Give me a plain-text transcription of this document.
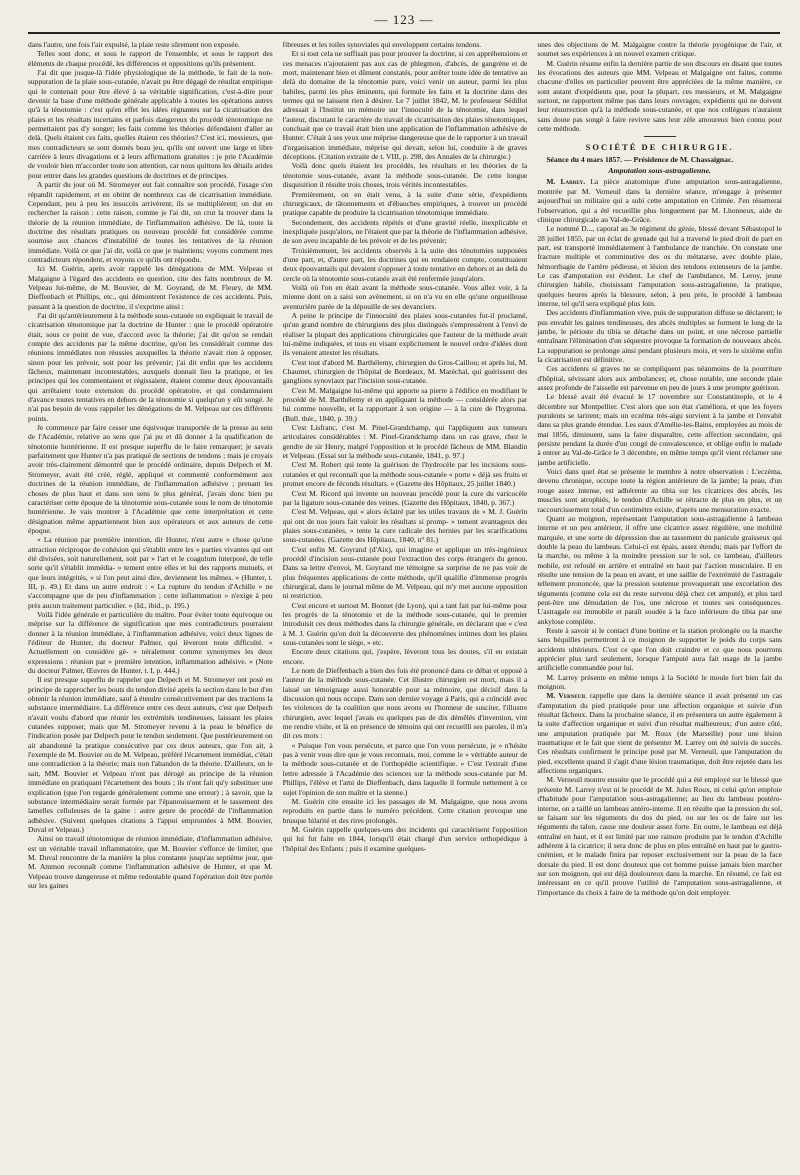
— 123 —

dans l'autre, une fois l'air expulsé, la plaie reste sûrement non exposée.

Telles sont donc, et sous le rapport de l'ensemble, et sous le rapport des éléments de chaque procédé, les différences et oppositions qu'ils présentent.

J'ai dit que jusque-là l'idée physiologique de la méthode, le fait de la non-suppuration de la plaie sous-cutanée, n'avait pu être dégagé de résultat empirique qui le contenait pour être élevé à sa véritable signification, c'est-à-dire pour devenir la base d'une méthode générale applicable à toutes les opérations autres qu'à la ténotomie : c'est qu'en effet les idées régnantes sur la cicatrisation des plaies et les résultats incertains et parfois dangereux du procédé ténotomique ne permettaient pas d'y songer; les faits comme les théories défendaient d'aller au delà. Quels étaient ces faits, quelles étaient ces théories? C'est ici, messieurs, que mes contradicteurs se sont donnés beau jeu, qu'ils ont ouvert une large et libre carrière à leurs divagations et à leurs affirmations gratuites : je prie l'Académie de vouloir bien m'accorder toute son attention, car nous quittons les détails arides pour entrer dans les grandes questions de doctrines et de principes.

A partir du jour où M. Stromeyer eut fait connaître son procédé, l'usage s'en répandit rapidement, et en obtint de nombreux cas de cicatrisation immédiate. Cependant, peu à peu les insuccès arrivèrent; ils se multiplièrent; on dut en rechercher la raison : cette raison, comme je l'ai dit, on crut la trouver dans la théorie de la réunion immédiate, de l'inflammation adhésive. De là, toute la doctrine des résultats pratiques ou nouveau procédé fut considérée comme soumise aux chances d'instabilité de toutes les tentatives de la réunion immédiate. Voilà ce que j'ai dit, voilà ce que je maintiens; voyons comment mes contradicteurs répondent, et voyons ce qu'ils ont répondu.

Ici M. Guérin, après avoir rappelé les dénégations de MM. Velpeau et Malgaigne à l'égard des accidents en question, cite des faits nombreux de M. Velpeau lui-même, de M. Bouvier, de M. Goyrand, de M. Fleury, de MM. Dieffenbach et Phillips, etc., qui démontrent l'existence de ces accidents. Puis, passant à la question de doctrine, il s'exprime ainsi :

J'ai dit qu'antérieurement à la méthode sous-cutanée on expliquait le travail de cicatrisation ténotomique par la doctrine de Hunter : que le procédé opératoire était, sous ce point de vue, d'accord avec la théorie; j'ai dit qu'on se rendait compte des accidents par la même doctrine, qu'on les considérait comme des réunions immédiates non réussies auxquelles la théorie n'avait rien à opposer, sinon pour les prévoir, soit pour les prévenir; j'ai dit enfin que les accidents fâcheux, maintenant incontestables, auxquels donnait lieu la pratique, et les principes qui les commentaient et régissaient, étaient comme deux épouvantails qui arrêtaient toute extension du procédé opératoire, et qui condamnaient d'avance toutes tentatives en dehors de la ténotomie si quelqu'un y eût songé. Je n'ai pas besoin de vous rappeler les dénégations de M. Velpeau sur ces différents points.

Je commence par faire cesser une équivoque transportée de la presse au sein de l'Académie, relative au sens que j'ai pu et dû donner à la qualification de ténotomie huntérienne. Il est presque superflu de le faire remarquer; je savais parfaitement que Hunter n'a pas pratiqué de sections de tendons ; mais je croyais avoir très-clairement démontré que le procédé ordinaire, depuis Delpech et M. Stromeyer, avait été créé, réglé, appliqué et commenté conformément aux doctrines de la réunion immédiate, de l'inflammation adhésive ; prenant les choses de plus haut et dans son sens le plus général, j'avais donc bien pu caractériser cette époque de la ténotomie sous-cutanée sous le nom de ténotomie huntérienne. Je vais montrer à l'Académie que cette interprétation et cette désignation même appartiennent bien aux opérateurs et aux auteurs de cette époque.

« La réunion par première intention, dit Hunter, n'est autre » chose qu'une attraction réciproque de cohésion qui s'établit entre les » parties vivantes qui ont été divisées, soit naturellement, soit par » l'art et le coagulum interposé, de telle sorte qu'il s'établit immédia- » tement entre elles et lui des rapports mutuels, et que leurs intégrités, » si l'on peut ainsi dire, deviennent les mêmes. » (Hunter, t. III, p. 49.) Et dans un autre endroit : « La rupture du tendon d'Achille » ne s'accompagne que de peu d'inflammation ; cette inflammation » n'exige à peu près aucun traitement particulier. » (Id., ibid., p. 195.)

Voilà l'idée générale et particulière du maître. Pour éviter toute équivoque ou méprise sur la différence de signification que mes contradicteurs pourraient donner à la réunion immédiate, à l'inflammation adhésive, voici deux lignes de l'éditeur de Hunter, du docteur Palmer, qui lèveront toute difficulté. « Actuellement on considère gé- » néralement comme synonymes les deux expressions : réunion par » première intention, inflammation adhésive. » (Note du docteur Palmer, Œuvres de Hunter, t. I, p. 444.)

Il est presque superflu de rappeler que Delpech et M. Stromeyer ont posé en principe de rapprocher les bouts du tendon divisé après la section dans le but d'en obtenir la réunion immédiate, sauf à étendre consécutivement par des tractions la substance intermédiaire. La différence entre ces deux auteurs, c'est que Delpech n'avait voulu d'abord que réunir les extrémités tendineuses, laissant les plaies cutanées supposer, mais que M. Stromeyer revenu à la peau le bénéfice de l'indication posée par Delpech pour le tendon seulement. Que postérieurement on ait abandonné la pratique consécutive par ces deux auteurs, que l'on ait, à l'exemple de M. Bouvier ou de M. Velpeau, préféré l'écartement immédiat, c'était une contradiction à la théorie; mais non l'abandon de la théorie. D'ailleurs, on le sait, MM. Bouvier et Velpeau n'ont pas dérogé au principe de la réunion immédiate en pratiquant l'écartement des bouts ; ils n'ont fait qu'y substituer une explication (que l'on regarde généralement comme une erreur) ; à savoir, que la substance intermédiaire serait formée par l'épanouissement et le tassement des lamelles celluleuses de la gaine : autre genre de procédé de l'inflammation adhésive. (Suivent quelques citations à l'appui empruntées à MM. Bouvier, Duval et Velpeau.)

Ainsi on travail ténotomique de réunion immédiate, d'inflammation adhésive, est un véritable travail inflammatoire, que M. Bouvier s'efforce de limiter, que M. Duval rencontre de la manière la plus constante jusqu'au septième jour, que M. Ammon reconnaît comme l'inflammation adhésive de Hunter, et que M. Velpeau trouve dangereuse et même redoutable quand l'opération doit être portée sur les gaines

fibreuses et les toiles synoviales qui enveloppent certains tendons.

Et si tout cela ne suffisait pas pour prouver la doctrine, si ces appréhensions et ces menaces n'ajoutaient pas aux cas de phlegmon, d'abcès, de gangrène et de mort, maintenant bien et dûment constatés, pour arrêter toute idée de tentative au delà du domaine de la ténotomie pure, voici venir un auteur, parmi les plus habiles, parmi les plus éminents, qui formule les faits et la doctrine dans des termes qui ne laissent rien à désirer. Le 7 juillet 1842, M. le professeur Sédillot adressait à l'Institut un mémoire sur l'innocuité de la ténotomie, dans lequel l'auteur, discutant le caractère du travail de cicatrisation des plaies ténotomiques, concluait que ce travail était bien une application de l'inflammation adhésive de Hunter. C'était à ses yeux une méprise dangereuse que de le rapporter à un travail d'organisation immédiate, méprise qui devait, selon lui, conduire à de graves déceptions. (Citation extraite de t. VIII, p. 298, des Annales de la chirurgie.)

Voilà donc quels étaient les procédés, les résultats et les théories de la ténotomie sous-cutanée, avant la méthode sous-cutanée. De cette longue disquisition il résulte trois choses, trois vérités incontestables.

Premièrement, on en était venu, à la suite d'une série, d'expédients chirurgicaux, de tâtonnements et d'ébauches empiriques, à trouver un procédé pratique capable de produire la cicatrisation ténotomique immédiate.

Secondement, des accidents répétés et d'une gravité réelle, inexplicable et inexpliquée jusqu'alors, ne l'étaient que par la théorie de l'inflammation adhésive, de son aveu incapable de les prévoir et de les prévenir;

Troisièmement, les accidents observés à la suite des ténotomies supposées d'une part, et, d'autre part, les doctrines qui en rendaient compte, constituaient deux épouvantails qui devaient s'opposer à toute tentative en dehors et au delà du cercle où la ténotomie sous-cutanée avait été renfermée jusqu'alors.

Voilà où l'on en était avant la méthode sous-cutanée. Vous allez voir, à la mienne dont on a saisi son avènement, si on n'a vu en elle qu'une orgueilleuse aventurière parée de la dépouille de ses devanciers.

A peine le principe de l'innocuité des plaies sous-cutanées fut-il proclamé, qu'un grand nombre de chirurgiens des plus distingués s'empressèrent à l'envi de réaliser la plupart des applications chirurgicales que l'auteur de la méthode avait lui-même indiquées, et tous en visant explicitement le nouvel ordre d'idées dont ils venaient attester les résultats.

C'est tout d'abord M. Barthélemy, chirurgien du Gros-Caillou; et après lui, M. Chaumet, chirurgien de l'hôpital de Bordeaux, M. Maréchal, qui guérissent des ganglions synoviaux par l'incision sous-cutanée.

C'est M. Malgaigne lui-même qui apporte sa pierre à l'édifice en modifiant le procédé de M. Barthélemy et en appliquant la méthode — considérée alors par lui comme nouvelle, et la rapportant à son origine — à la cure de l'hygroma. (Bull. thér., 1840, p. 39.)

C'est Lisfranc, c'est M. Pinel-Grandchamp, qui l'appliquent aux tumeurs articulaires considérables : M. Pinel-Grandchamp dans un cas grave, chez le gendre de sir Henry, malgré l'opposition et le procédé fâcheux de MM. Blandin et Velpeau. (Essai sur la méthode sous-cutanée, 1841, p. 97.)

C'est M. Robert qui tente la guérison de l'hydrocèle par les incisions sous-cutanées et qui reconnaît que la méthode sous-cutanée « porte » déjà ses fruits et promet encore de féconds résultats. » (Gazette des Hôpitaux, 25 juillet 1840.)

C'est M. Ricord qui invente un nouveau procédé pour la cure du varicocèle par la ligature sous-cutanée des veines. (Gazette des Hôpitaux, 1840, p. 367.)

C'est M. Velpeau, qui « alors éclairé par les utiles travaux de » M. J. Guérin qui ont de nos jours fait valoir les résultats si promp- » tement avantageux des plaies sous-cutanées, » tente la cure radicale des hernies par les scarifications sous-cutanées. (Gazette des Hôpitaux, 1840, n° 81.)

C'est enfin M. Goyrand (d'Aix), qui imagine et applique un très-ingénieux procédé d'incision sous-cutanée pour l'extraction des corps étrangers du genou. Dans sa lettre d'envoi, M. Goyrand me témoigne sa surprise de ne pas voir de plus fréquentes applications de cette méthode, qu'il qualifie d'immense progrès chirurgical, dans le journal même de M. Velpeau, qui m'y met aucune opposition ni restriction.

C'est encore et surtout M. Bonnet (de Lyon), qui a tant fait par lui-même pour les progrès de la ténotomie et de la méthode sous-cutanée, qui le premier introduisit ces deux méthodes dans la chirurgie générale, en déclarant que « c'est à M. J. Guérin qu'on doit la découverte des phénomènes intimes dont les plaies sous-cutanées sont le siège, » etc.

Encore deux citations qui, j'espère, lèveront tous les doutes, s'il en existait encore.

Le nom de Dieffenbach a bien des fois été prononcé dans ce débat et opposé à l'auteur de la méthode sous-cutanée. Cet illustre chirurgien est mort, mais il a laissé un témoignage aussi honorable pour sa mémoire, que décisif dans la discussion qui nous occupe. Dans son dernier voyage à Paris, qui a coïncidé avec les violences de la coalition que nous avons eu l'honneur de susciter, l'illustre chirurgien, avec lequel j'avais eu quelques pas de dix démêlés d'invention, vint me rendre visite, et là en présence de témoins qui ont recueilli ses paroles, il m'a dit ces mots :

« Puisque l'on vous persécute, et parce que l'on vous persécute, je » n'hésite pas à venir vous dire que je vous reconnais, moi, comme le » véritable auteur de la méthode sous-cutanée et de l'orthopédie scientifique. » C'est l'extrait d'une lettre adressée à l'Académie des sciences sur la méthode sous-cutanée par M. Phillips, l'élève et l'ami de Dieffenbach, dans laquelle il formule nettement à ce sujet l'opinion de son maître et la sienne.)

M. Guérin cite ensuite ici les passages de M. Malgaigne, que nous avons reproduits en partie dans le numéro précédent. Cette citation provoque une brusque hilarité et des rires prolongés.

M. Guérin rappelle quelques-uns des incidents qui caractérisent l'opposition qui lui fut faite en 1844, lorsqu'il était chargé d'un service orthopédique à l'hôpital des Enfants ; puis il examine quelques-

unes des objections de M. Malgaigne contre la théorie pyogénique de l'air, et soumet ses expériences à un nouvel examen critique.

M. Guérin résume enfin la dernière partie de son discours en disant que toutes les évocations des auteurs que MM. Velpeau et Malgaigne ont faites, comme chacune d'elles en particulier peuvent être appréciées de la même manière, ce sont autant d'expédients que, pour la plupart, ces messieurs, et M. Malgaigne surtout, ne rapportent même pas dans leurs ouvrages; expédients qui ne doivent leur résurrection qu'à la méthode sous-cutanée, et que nos collègues n'auraient sans doute pas songé à faire revivre sans leur zèle amoureux bien connu pour cette méthode.

SOCIÉTÉ DE CHIRURGIE.

Séance du 4 mars 1857. — Présidence de M. Chassaignac.

Amputation sous-astragalienne.

M. Larrey. La pièce anatomique d'une amputation sous-astragalienne, montrée par M. Verneuil dans la dernière séance, m'engage à présenter aujourd'hui un militaire qui a subi cette amputation en Crimée. J'en résumerai l'observation, qui a été recueillie plus longuement par M. Lhonneux, aide de clinique chirurgicale au Val-de-Grâce.

Le nommé D..., caporal au 3e régiment du génie, blessé devant Sébastopol le 28 juillet 1855, par un éclat de grenade qui lui a traversé le pied droit de part en part, est transporté immédiatement à l'ambulance de tranchée. On constate une fracture multiple et comminutive des os du métatarse, avec double plaie, hémorrhagie de l'artère pédieuse, et lésion des tendons extenseurs de la jambe. Le cas d'amputation est évident. Le chef de l'ambulance, M. Leroy, jeune chirurgien habile, choisissant l'amputation sous-astragalienne, la pratique, quelques heures après la blessure, selon, à peu près, le procédé à lambeau interne, tel qu'il sera expliqué plus loin.

Des accidents d'inflammation vive, puis de suppuration diffuse se déclarent; le pus envahit les gaines tendineuses, des abcès multiples se forment le long de la jambe, le périoste du tibia se détache dans un point, et une nécrose partielle entraînant l'élimination d'un séquestre provoque la formation de nouveaux abcès. La suppuration se prolonge ainsi pendant plusieurs mois, et vers le sixième enfin la cicatrisation est définitive.

Ces accidents si graves ne se compliquent pas néanmoins de la pourriture d'hôpital, sévissant alors aux ambulances; et, chose notable, une seconde plaie assez profonde de l'aisselle est parvenue en peu de jours à une prompte guérison.

Le blessé avait été évacué le 17 novembre sur Constantinople, et le 4 décembre sur Montpellier. C'est alors que son état s'améliora, et que les foyers purulents se tarirent; mais un eczéma très-aigu survient à la jambe et l'envahit dans sa plus grande étendue. Les eaux d'Amélie-les-Bains, employées au mois de mai 1856, diminuent, sans la faire disparaître, cette affection secondaire, qui persiste pendant la durée d'un congé de convalescence, et oblige enfin le malade à entrer au Val-de-Grâce le 3 décembre, en même temps qu'il vient réclamer une jambe artificielle.

Voici dans quel état se présente le membre à notre observation : L'eczéma, devenu chronique, occupe toute la région antérieure de la jambe; la peau, d'un rouge assez intense, est adhérente au tibia sur les cicatrices des abcès, les muscles sont atrophiés, le tendon d'Achille se rétracte de plus en plus, et un raccourcissement total d'un centimètre existe, d'après une mensuration exacte.

Quant au moignon, représentant l'amputation sous-astragalienne à lambeau interne et un peu antérieur, il offre une cicatrice assez régulière, une mobilité marquée, et une sorte de dépression due au tassement du panicule graisseux qui double la peau du lambeau. Celui-ci est épais, assez étendu; mais par l'effort de la marche, ou même à la moindre pression sur le sol, ce lambeau, d'ailleurs mobile, est refoulé en arrière et entraîné en haut par l'action musculaire. Il en résulte une tension de la peau en avant, et une saillie de l'extrémité de l'astragale tellement prononcée, que la pression soutenue provoquerait une excoriation des téguments (comme cela est du reste survenu déjà chez cet amputé), et plus tard peut-être une dénudation de l'os, une nécrose et toutes ses conséquences. L'astragale est immobile et paraît soudée à la face inférieure du tibia par une ankylose complète.

Reste à savoir si le contact d'une bottine et la station prolongée ou la marche sans béquilles permettront à ce moignon de supporter le poids du corps sans accidents ultérieurs. C'est ce que l'on doit craindre et ce que nous pourrons apprécier plus tard seulement, lorsque l'amputé aura fait usage de la jambe artificielle commandée pour lui.

M. Larrey présente en même temps à la Société le moule fort bien fait du moignon.

M. Verneuil rappelle que dans la dernière séance il avait présenté un cas d'amputation du pied pratiquée pour une affection organique et suivie d'un résultat fâcheux. Dans la prochaine séance, il en présentera un autre également à la suite d'affection organique et suivi d'un résultat malheureux; d'un autre côté, une amputation pratiquée par M. Roux (de Marseille) pour une lésion traumatique et le fait que vient de présenter M. Larrey ont été suivis de succès. Ces résultats confirment le principe posé par M. Verneuil, que l'amputation du pied, excellente quand il s'agit d'une lésion traumatique, doit être rejetée dans les affections organiques.

M. Verneuil montre ensuite que le procédé qui a été employé sur le blessé que présente M. Larrey n'est ni le procédé de M. Jules Roux, ni celui qu'on emploie d'habitude pour l'amputation sous-astragalienne; au lieu du lambeau postéro-interne, on a taillé un lambeau antéro-interne. Il en résulte que la pression du sol, se faisant sur les téguments du dos du pied, ou sur les os de faire sur les téguments du talon, cause une douleur assez forte. En outre, le lambeau est déjà entraîné en haut, et il est limité par une rainure produite par le tendon d'Achille adhérent à la cicatrice; il sera donc de plus en plus entraîné en haut par le gastro-cnémien, et le malade finira par reposer exclusivement sur la peau de la face dorsale du pied. Il est donc douteux que cet homme puisse jamais bien marcher sur son moignon, qui est déjà douloureux dans la marche. En résumé, ce fait est intéressant en ce qu'il prouve l'utilité de l'amputation sous-astragalienne, et l'importance du choix à faire de la méthode qu'on doit employer.
